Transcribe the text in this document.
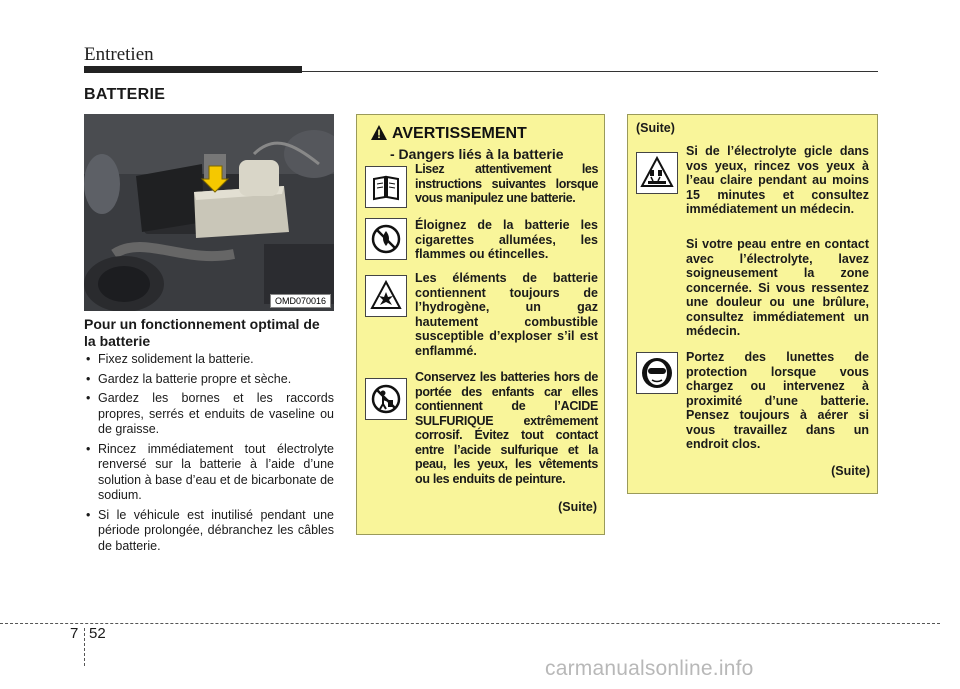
Entretien
BATTERIE
OMD070016
Pour un fonctionnement optimal de la batterie
• Fixez solidement la batterie.
• Gardez la batterie propre et sèche.
• Gardez les bornes et les raccords propres, serrés et enduits de vaseline ou de graisse.
• Rincez immédiatement tout électrolyte renversé sur la batterie à l’aide d’une solution à base d’eau et de bicarbonate de sodium.
• Si le véhicule est inutilisé pendant une période prolongée, débranchez les câbles de batterie.
AVERTISSEMENT
- Dangers liés à la batterie
Lisez attentivement les instructions suivantes lorsque vous manipulez une batterie.
Éloignez de la batterie les cigarettes allumées, les flammes ou étincelles.
Les éléments de batterie contiennent toujours de l’hydrogène, un gaz hautement combustible susceptible d’exploser s’il est enflammé.
Conservez les batteries hors de portée des enfants car elles contiennent de l’ACIDE SULFURIQUE extrêmement corrosif. Évitez tout contact entre l’acide sulfurique et la peau, les yeux, les vêtements ou les enduits de peinture.
(Suite)
(Suite)
Si de l’électrolyte gicle dans vos yeux, rincez vos yeux à l’eau claire pendant au moins 15 minutes et consultez immédiatement un médecin.
Si votre peau entre en contact avec l’électrolyte, lavez soigneusement la zone concernée. Si vous ressentez une douleur ou une brûlure, consultez immédiatement un médecin.
Portez des lunettes de protection lorsque vous chargez ou intervenez à proximité d’une batterie. Pensez toujours à aérer si vous travaillez dans un endroit clos.
(Suite)
7 52
carmanualsonline.info
